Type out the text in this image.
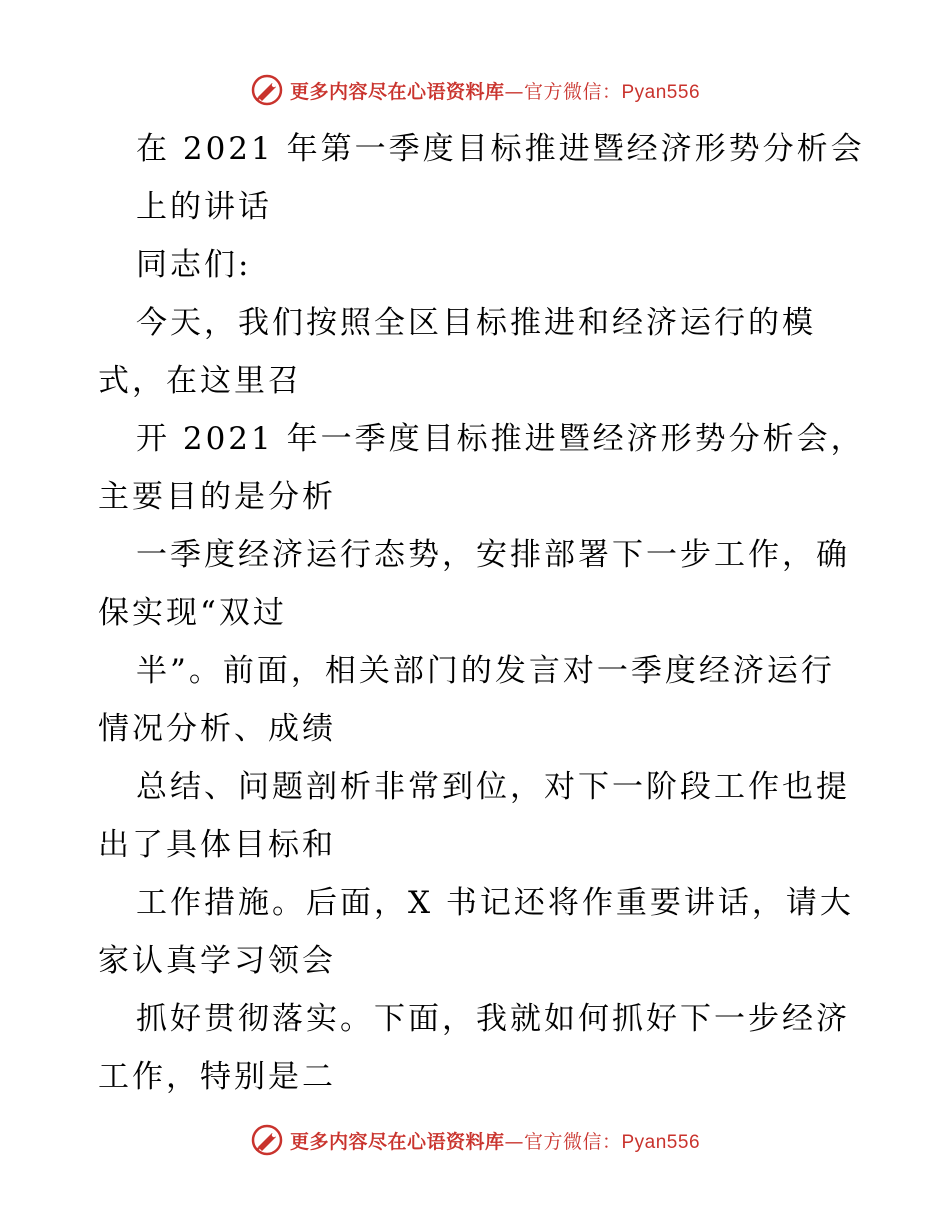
更多内容尽在心语资料库—官方微信：Pyan556
在 2021 年第一季度目标推进暨经济形势分析会
上的讲话
同志们:
今天，我们按照全区目标推进和经济运行的模
式，在这里召
开 2021 年一季度目标推进暨经济形势分析会，
主要目的是分析
一季度经济运行态势，安排部署下一步工作，确
保实现“双过
半”。前面，相关部门的发言对一季度经济运行
情况分析、成绩
总结、问题剖析非常到位，对下一阶段工作也提
出了具体目标和
工作措施。后面，X 书记还将作重要讲话，请大
家认真学习领会
抓好贯彻落实。下面，我就如何抓好下一步经济
工作，特别是二
更多内容尽在心语资料库—官方微信：Pyan556
